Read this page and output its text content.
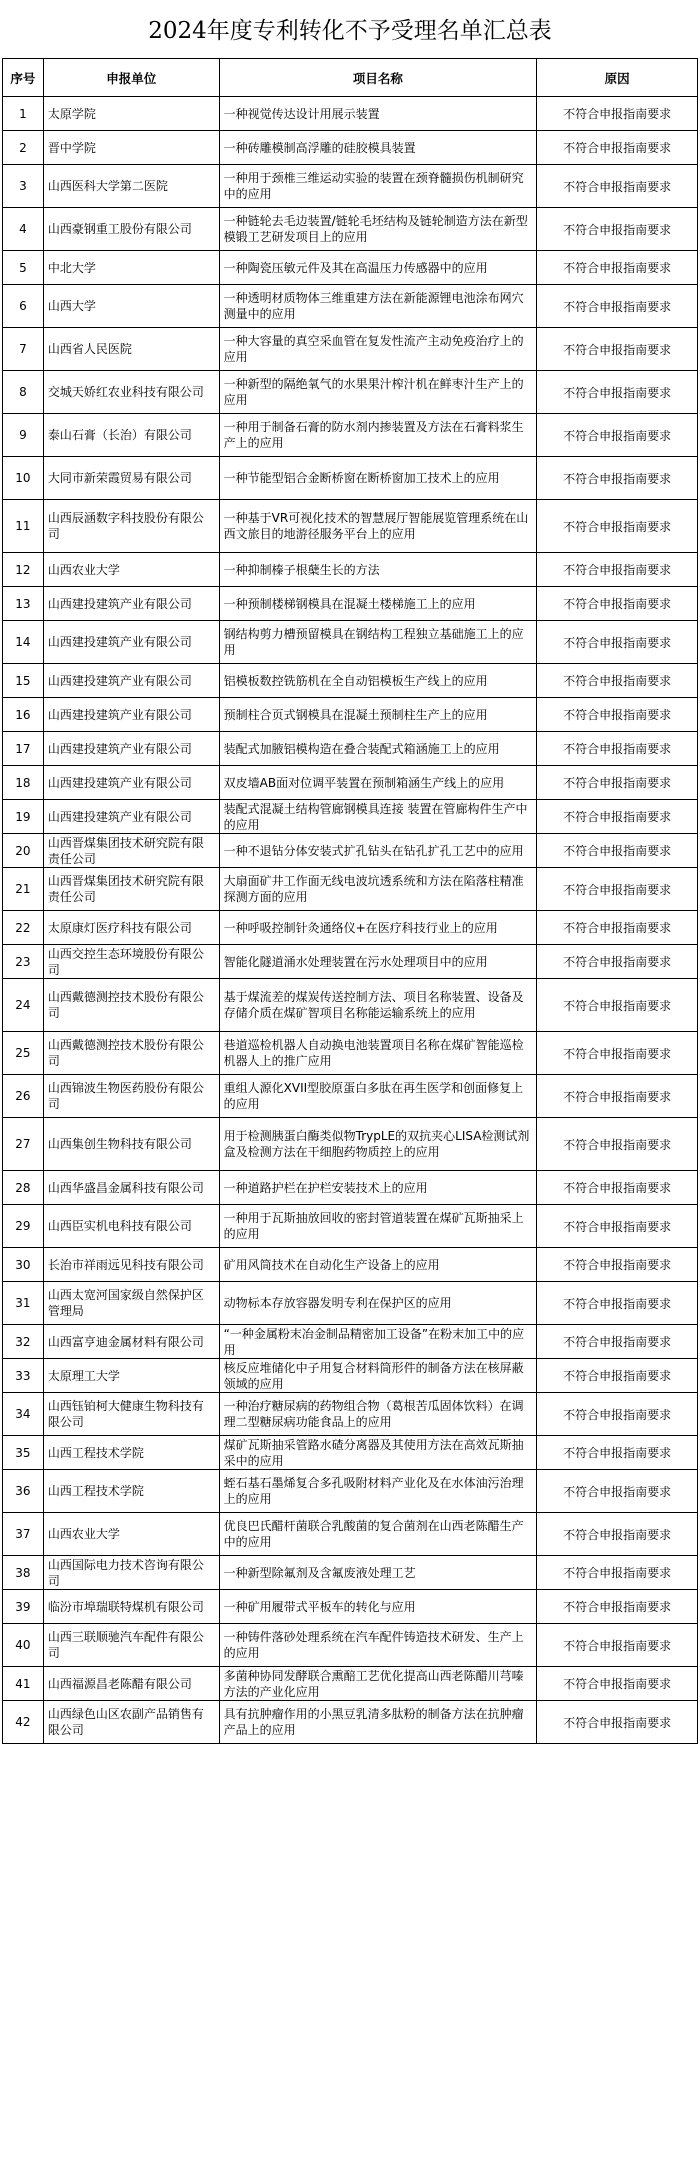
2024年度专利转化不予受理名单汇总表
序号	申报单位	项目名称	原因
1	太原学院	一种视觉传达设计用展示装置	不符合申报指南要求
2	晋中学院	一种砖雕模制高浮雕的硅胶模具装置	不符合申报指南要求
3	山西医科大学第二医院	一种用于颈椎三维运动实验的装置在颈脊髓损伤机制研究中的应用	不符合申报指南要求
4	山西豪钢重工股份有限公司	一种链轮去毛边装置/链轮毛坯结构及链轮制造方法在新型模锻工艺研发项目上的应用	不符合申报指南要求
5	中北大学	一种陶瓷压敏元件及其在高温压力传感器中的应用	不符合申报指南要求
6	山西大学	一种透明材质物体三维重建方法在新能源锂电池涂布网穴测量中的应用	不符合申报指南要求
7	山西省人民医院	一种大容量的真空采血管在复发性流产主动免疫治疗上的应用	不符合申报指南要求
8	交城天娇红农业科技有限公司	一种新型的隔绝氧气的水果果汁榨汁机在鲜枣汁生产上的应用	不符合申报指南要求
9	泰山石膏（长治）有限公司	一种用于制备石膏的防水剂内掺装置及方法在石膏料浆生产上的应用	不符合申报指南要求
10	大同市新荣霞贸易有限公司	一种节能型铝合金断桥窗在断桥窗加工技术上的应用	不符合申报指南要求
11	山西辰涵数字科技股份有限公司	一种基于VR可视化技术的智慧展厅智能展览管理系统在山西文旅目的地游径服务平台上的应用	不符合申报指南要求
12	山西农业大学	一种抑制榛子根蘖生长的方法	不符合申报指南要求
13	山西建投建筑产业有限公司	一种预制楼梯钢模具在混凝土楼梯施工上的应用	不符合申报指南要求
14	山西建投建筑产业有限公司	钢结构剪力槽预留模具在钢结构工程独立基础施工上的应用	不符合申报指南要求
15	山西建投建筑产业有限公司	铝模板数控铣筋机在全自动铝模板生产线上的应用	不符合申报指南要求
16	山西建投建筑产业有限公司	预制柱合页式钢模具在混凝土预制柱生产上的应用	不符合申报指南要求
17	山西建投建筑产业有限公司	装配式加腋铝模构造在叠合装配式箱涵施工上的应用	不符合申报指南要求
18	山西建投建筑产业有限公司	双皮墙AB面对位调平装置在预制箱涵生产线上的应用	不符合申报指南要求
19	山西建投建筑产业有限公司	装配式混凝土结构管廊钢模具连接 装置在管廊构件生产中的应用	不符合申报指南要求
20	山西晋煤集团技术研究院有限责任公司	一种不退钻分体安装式扩孔钻头在钻孔扩孔工艺中的应用	不符合申报指南要求
21	山西晋煤集团技术研究院有限责任公司	大扇面矿井工作面无线电波坑透系统和方法在陷落柱精准探测方面的应用	不符合申报指南要求
22	太原康灯医疗科技有限公司	一种呼吸控制针灸通络仪+在医疗科技行业上的应用	不符合申报指南要求
23	山西交控生态环境股份有限公司	智能化隧道涌水处理装置在污水处理项目中的应用	不符合申报指南要求
24	山西戴德测控技术股份有限公司	基于煤流差的煤炭传送控制方法、项目名称装置、设备及存储介质在煤矿智项目名称能运输系统上的应用	不符合申报指南要求
25	山西戴德测控技术股份有限公司	巷道巡检机器人自动换电池装置项目名称在煤矿智能巡检机器人上的推广应用	不符合申报指南要求
26	山西锦波生物医药股份有限公司	重组人源化XVII型胶原蛋白多肽在再生医学和创面修复上的应用	不符合申报指南要求
27	山西集创生物科技有限公司	用于检测胰蛋白酶类似物TrypLE的双抗夹心LISA检测试剂盒及检测方法在干细胞药物质控上的应用	不符合申报指南要求
28	山西华盛昌金属科技有限公司	一种道路护栏在护栏安装技术上的应用	不符合申报指南要求
29	山西臣实机电科技有限公司	一种用于瓦斯抽放回收的密封管道装置在煤矿瓦斯抽采上的应用	不符合申报指南要求
30	长治市祥雨远见科技有限公司	矿用风筒技术在自动化生产设备上的应用	不符合申报指南要求
31	山西太宽河国家级自然保护区管理局	动物标本存放容器发明专利在保护区的应用	不符合申报指南要求
32	山西富亨迪金属材料有限公司	“一种金属粉末冶金制品精密加工设备”在粉末加工中的应用	不符合申报指南要求
33	太原理工大学	核反应堆储化中子用复合材料筒形件的制备方法在核屏蔽领域的应用	不符合申报指南要求
34	山西钰铂柯大健康生物科技有限公司	一种治疗糖尿病的药物组合物（葛根苦瓜固体饮料）在调理二型糖尿病功能食品上的应用	不符合申报指南要求
35	山西工程技术学院	煤矿瓦斯抽采管路水碴分离器及其使用方法在高效瓦斯抽采中的应用	不符合申报指南要求
36	山西工程技术学院	蛭石基石墨烯复合多孔吸附材料产业化及在水体油污治理上的应用	不符合申报指南要求
37	山西农业大学	优良巴氏醋杆菌联合乳酸菌的复合菌剂在山西老陈醋生产中的应用	不符合申报指南要求
38	山西国际电力技术咨询有限公司	一种新型除氟剂及含氟废液处理工艺	不符合申报指南要求
39	临汾市埠瑞联特煤机有限公司	一种矿用履带式平板车的转化与应用	不符合申报指南要求
40	山西三联顺驰汽车配件有限公司	一种铸件落砂处理系统在汽车配件铸造技术研发、生产上的应用	不符合申报指南要求
41	山西福源昌老陈醋有限公司	多菌种协同发酵联合熏醅工艺优化提高山西老陈醋川芎嗪方法的产业化应用	不符合申报指南要求
42	山西绿色山区农副产品销售有限公司	具有抗肿瘤作用的小黑豆乳清多肽粉的制备方法在抗肿瘤产品上的应用	不符合申报指南要求
